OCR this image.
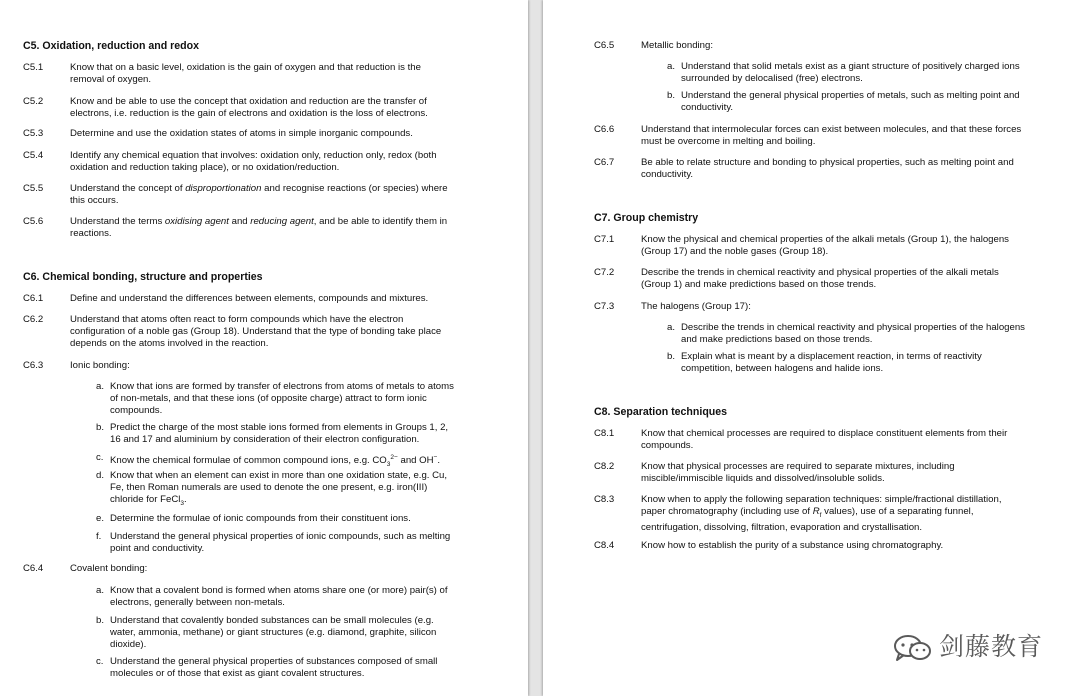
C5. Oxidation, reduction and redox
C5.1	Know that on a basic level, oxidation is the gain of oxygen and that reduction is the
removal of oxygen.
C5.2	Know and be able to use the concept that oxidation and reduction are the transfer of
electrons, i.e. reduction is the gain of electrons and oxidation is the loss of electrons.
C5.3	Determine and use the oxidation states of atoms in simple inorganic compounds.
C5.4	Identify any chemical equation that involves: oxidation only, reduction only, redox (both
oxidation and reduction taking place), or no oxidation/reduction.
C5.5	Understand the concept of disproportionation and recognise reactions (or species) where
this occurs.
C5.6	Understand the terms oxidising agent and reducing agent, and be able to identify them in
reactions.
C6. Chemical bonding, structure and properties
C6.1	Define and understand the differences between elements, compounds and mixtures.
C6.2	Understand that atoms often react to form compounds which have the electron
configuration of a noble gas (Group 18). Understand that the type of bonding take place
depends on the atoms involved in the reaction.
C6.3	Ionic bonding:
a. Know that ions are formed by transfer of electrons from atoms of metals to atoms
of non-metals, and that these ions (of opposite charge) attract to form ionic
compounds.
b. Predict the charge of the most stable ions formed from elements in Groups 1, 2,
16 and 17 and aluminium by consideration of their electron configuration.
c. Know the chemical formulae of common compound ions, e.g. $CO_3^{2-}$ and OH−.
d. Know that when an element can exist in more than one oxidation state, e.g. Cu,
Fe, then Roman numerals are used to denote the one present, e.g. iron(III)
chloride for FeCl$_3$.
e. Determine the formulae of ionic compounds from their constituent ions.
f. Understand the general physical properties of ionic compounds, such as melting
point and conductivity.
C6.4	Covalent bonding:
a. Know that a covalent bond is formed when atoms share one (or more) pair(s) of
electrons, generally between non-metals.
b. Understand that covalently bonded substances can be small molecules (e.g.
water, ammonia, methane) or giant structures (e.g. diamond, graphite, silicon
dioxide).
c. Understand the general physical properties of substances composed of small
molecules or of those that exist as giant covalent structures.
C6.5	Metallic bonding:
a. Understand that solid metals exist as a giant structure of positively charged ions
surrounded by delocalised (free) electrons.
b. Understand the general physical properties of metals, such as melting point and
conductivity.
C6.6	Understand that intermolecular forces can exist between molecules, and that these forces
must be overcome in melting and boiling.
C6.7	Be able to relate structure and bonding to physical properties, such as melting point and
conductivity.
C7. Group chemistry
C7.1	Know the physical and chemical properties of the alkali metals (Group 1), the halogens
(Group 17) and the noble gases (Group 18).
C7.2	Describe the trends in chemical reactivity and physical properties of the alkali metals
(Group 1) and make predictions based on those trends.
C7.3	The halogens (Group 17):
a. Describe the trends in chemical reactivity and physical properties of the halogens
and make predictions based on those trends.
b. Explain what is meant by a displacement reaction, in terms of reactivity
competition, between halogens and halide ions.
C8. Separation techniques
C8.1	Know that chemical processes are required to displace constituent elements from their
compounds.
C8.2	Know that physical processes are required to separate mixtures, including
miscible/immiscible liquids and dissolved/insoluble solids.
C8.3	Know when to apply the following separation techniques: simple/fractional distillation,
paper chromatography (including use of $R_f$ values), use of a separating funnel,
centrifugation, dissolving, filtration, evaporation and crystallisation.
C8.4	Know how to establish the purity of a substance using chromatography.
剑藤教育
